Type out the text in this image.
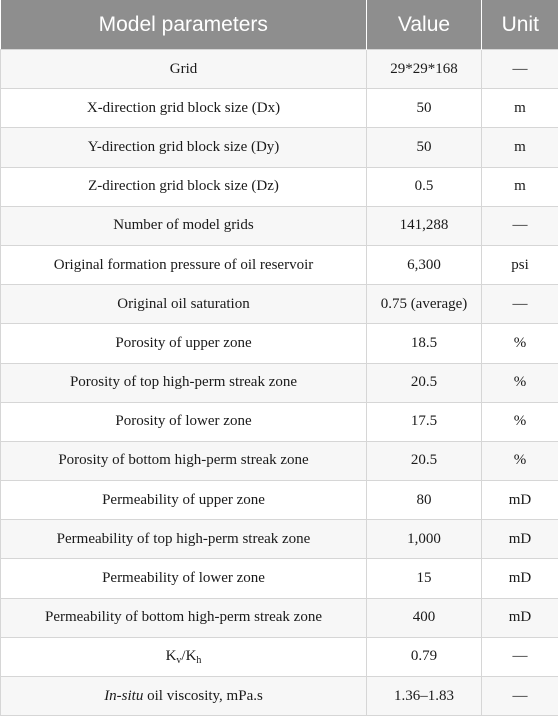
Model parameters	Value	Unit
Grid	29*29*168	—
X-direction grid block size (Dx)	50	m
Y-direction grid block size (Dy)	50	m
Z-direction grid block size (Dz)	0.5	m
Number of model grids	141,288	—
Original formation pressure of oil reservoir	6,300	psi
Original oil saturation	0.75 (average)	—
Porosity of upper zone	18.5	%
Porosity of top high-perm streak zone	20.5	%
Porosity of lower zone	17.5	%
Porosity of bottom high-perm streak zone	20.5	%
Permeability of upper zone	80	mD
Permeability of top high-perm streak zone	1,000	mD
Permeability of lower zone	15	mD
Permeability of bottom high-perm streak zone	400	mD
$K_v/K_h$	0.79	—
In-situ oil viscosity, mPa.s	1.36–1.83	—
